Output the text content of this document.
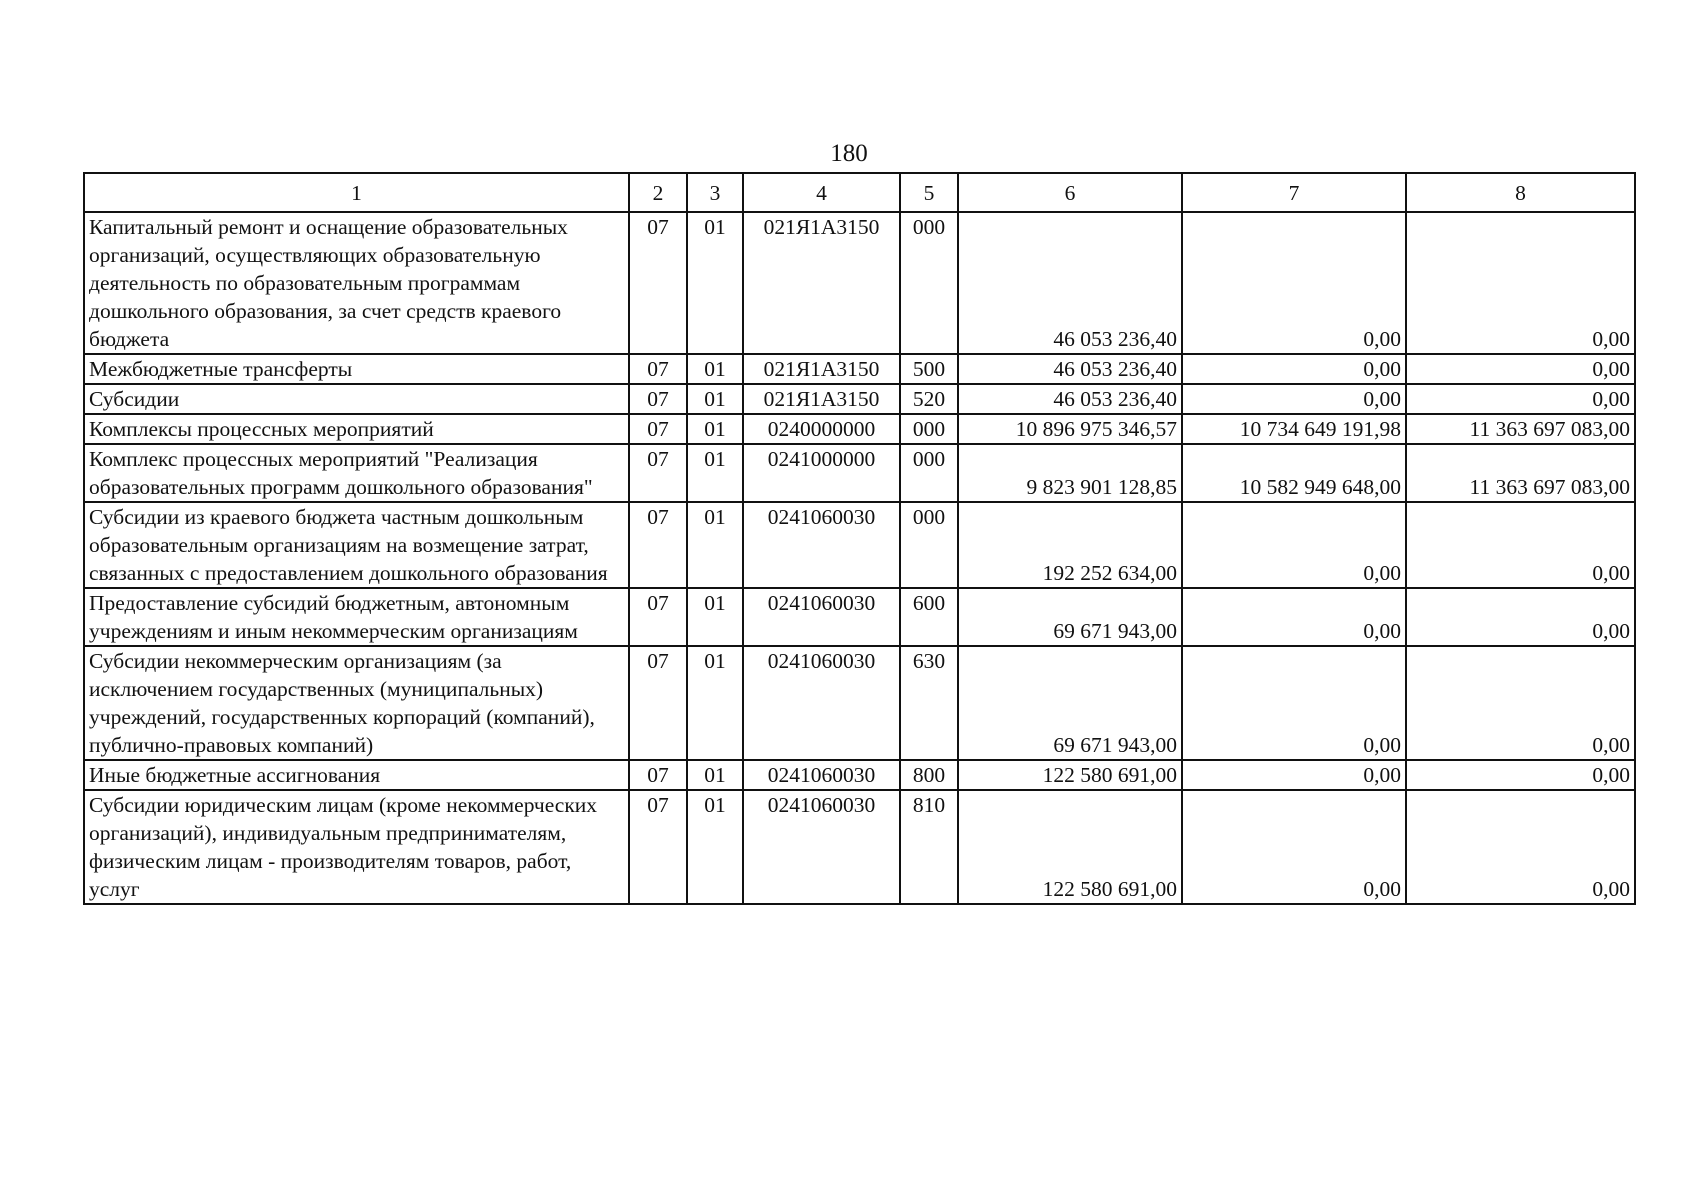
180
1	2	3	4	5	6	7	8
Капитальный ремонт и оснащение образовательных организаций, осуществляющих образовательную деятельность по образовательным программам дошкольного образования, за счет средств краевого бюджета	07	01	021Я1А3150	000	46 053 236,40	0,00	0,00
Межбюджетные трансферты	07	01	021Я1А3150	500	46 053 236,40	0,00	0,00
Субсидии	07	01	021Я1А3150	520	46 053 236,40	0,00	0,00
Комплексы процессных мероприятий	07	01	0240000000	000	10 896 975 346,57	10 734 649 191,98	11 363 697 083,00
Комплекс процессных мероприятий "Реализация образовательных программ дошкольного образования"	07	01	0241000000	000	9 823 901 128,85	10 582 949 648,00	11 363 697 083,00
Субсидии из краевого бюджета частным дошкольным образовательным организациям на возмещение затрат, связанных с предоставлением дошкольного образования	07	01	0241060030	000	192 252 634,00	0,00	0,00
Предоставление субсидий бюджетным, автономным учреждениям и иным некоммерческим организациям	07	01	0241060030	600	69 671 943,00	0,00	0,00
Субсидии некоммерческим организациям (за исключением государственных (муниципальных) учреждений, государственных корпораций (компаний), публично-правовых компаний)	07	01	0241060030	630	69 671 943,00	0,00	0,00
Иные бюджетные ассигнования	07	01	0241060030	800	122 580 691,00	0,00	0,00
Субсидии юридическим лицам (кроме некоммерческих организаций), индивидуальным предпринимателям, физическим лицам - производителям товаров, работ, услуг	07	01	0241060030	810	122 580 691,00	0,00	0,00
